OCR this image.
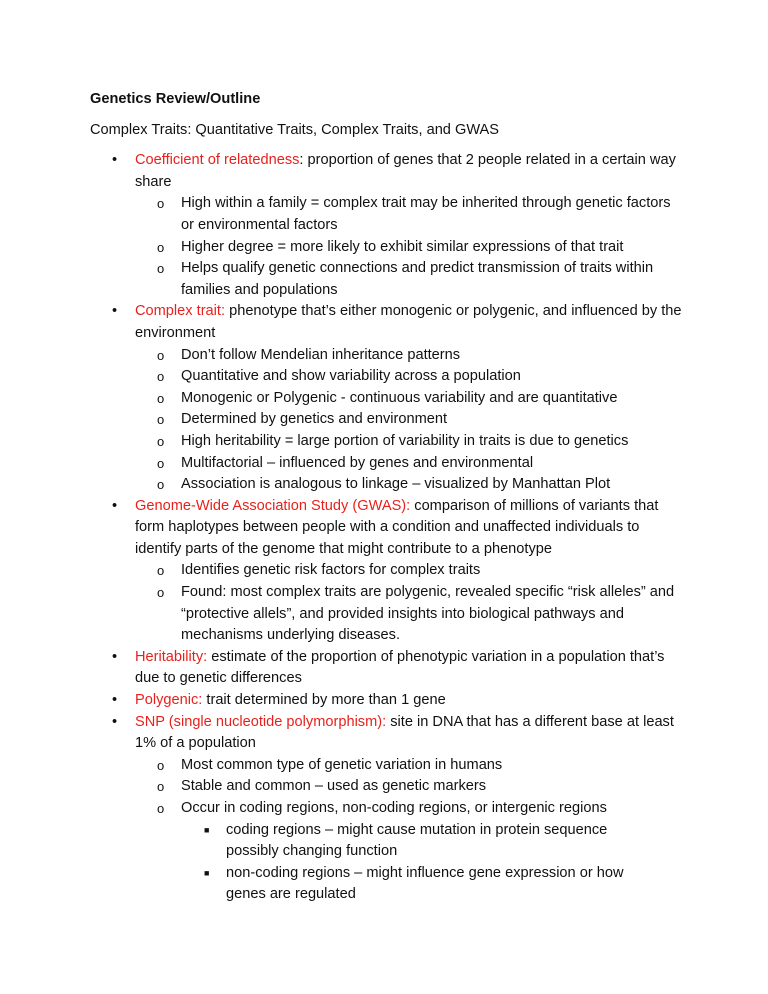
Genetics Review/Outline

Complex Traits: Quantitative Traits, Complex Traits, and GWAS

• Coefficient of relatedness: proportion of genes that 2 people related in a certain way share
o High within a family = complex trait may be inherited through genetic factors or environmental factors
o Higher degree = more likely to exhibit similar expressions of that trait
o Helps qualify genetic connections and predict transmission of traits within families and populations
• Complex trait: phenotype that’s either monogenic or polygenic, and influenced by the environment
o Don’t follow Mendelian inheritance patterns
o Quantitative and show variability across a population
o Monogenic or Polygenic - continuous variability and are quantitative
o Determined by genetics and environment
o High heritability = large portion of variability in traits is due to genetics
o Multifactorial – influenced by genes and environmental
o Association is analogous to linkage – visualized by Manhattan Plot
• Genome-Wide Association Study (GWAS): comparison of millions of variants that form haplotypes between people with a condition and unaffected individuals to identify parts of the genome that might contribute to a phenotype
o Identifies genetic risk factors for complex traits
o Found: most complex traits are polygenic, revealed specific “risk alleles” and “protective allels”, and provided insights into biological pathways and mechanisms underlying diseases.
• Heritability: estimate of the proportion of phenotypic variation in a population that’s due to genetic differences
• Polygenic: trait determined by more than 1 gene
• SNP (single nucleotide polymorphism): site in DNA that has a different base at least 1% of a population
o Most common type of genetic variation in humans
o Stable and common – used as genetic markers
o Occur in coding regions, non-coding regions, or intergenic regions
■ coding regions – might cause mutation in protein sequence possibly changing function
■ non-coding regions – might influence gene expression or how genes are regulated
